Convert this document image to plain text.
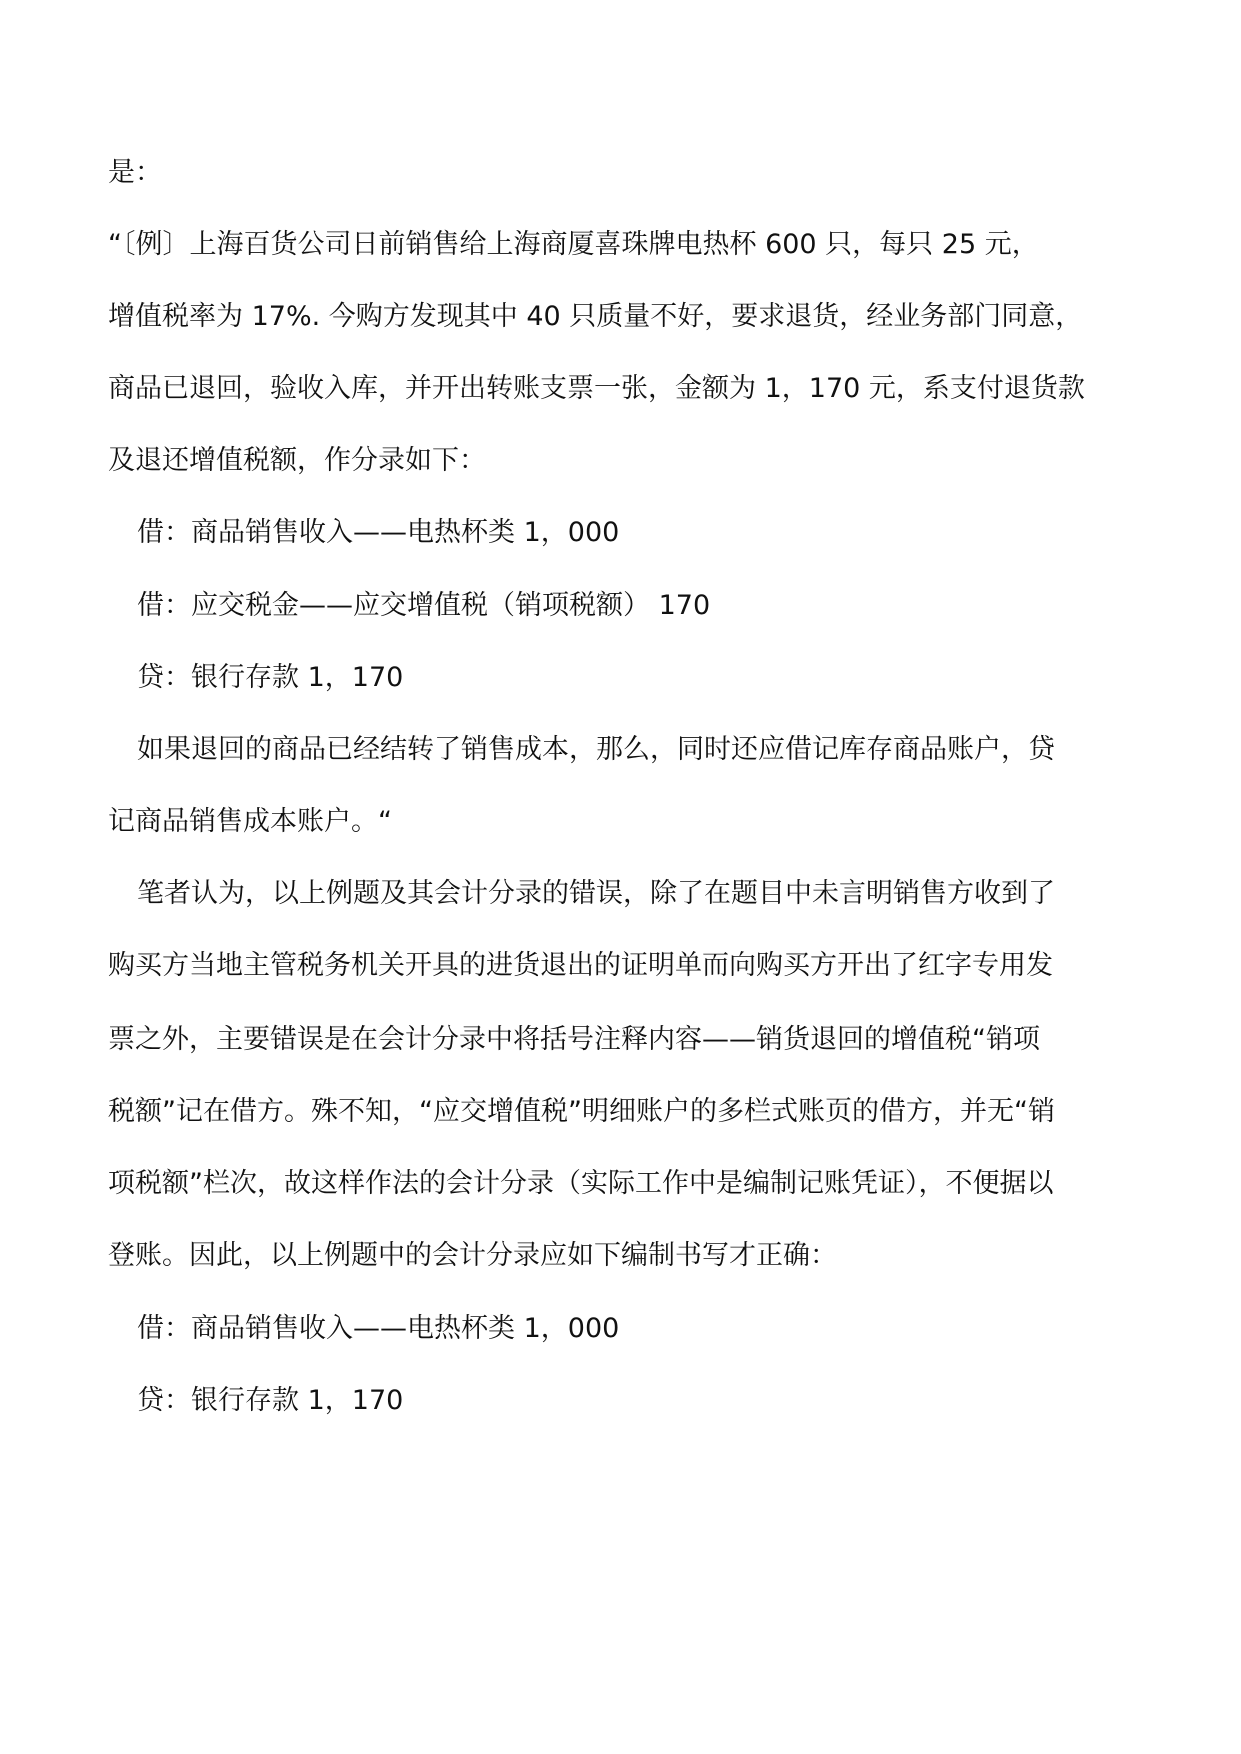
是：
“〔例〕上海百货公司日前销售给上海商厦喜珠牌电热杯 600 只，每只 25 元，
增值税率为 17%. 今购方发现其中 40 只质量不好，要求退货，经业务部门同意，
商品已退回，验收入库，并开出转账支票一张，金额为 1，170 元，系支付退货款
及退还增值税额，作分录如下：
借：商品销售收入——电热杯类 1，000
借：应交税金——应交增值税（销项税额） 170
贷：银行存款 1，170
如果退回的商品已经结转了销售成本，那么，同时还应借记库存商品账户，贷
记商品销售成本账户。“
笔者认为，以上例题及其会计分录的错误，除了在题目中未言明销售方收到了
购买方当地主管税务机关开具的进货退出的证明单而向购买方开出了红字专用发
票之外，主要错误是在会计分录中将括号注释内容——销货退回的增值税“销项
税额”记在借方。殊不知，“应交增值税”明细账户的多栏式账页的借方，并无“销
项税额”栏次，故这样作法的会计分录（实际工作中是编制记账凭证），不便据以
登账。因此，以上例题中的会计分录应如下编制书写才正确：
借：商品销售收入——电热杯类 1，000
贷：银行存款 1，170
